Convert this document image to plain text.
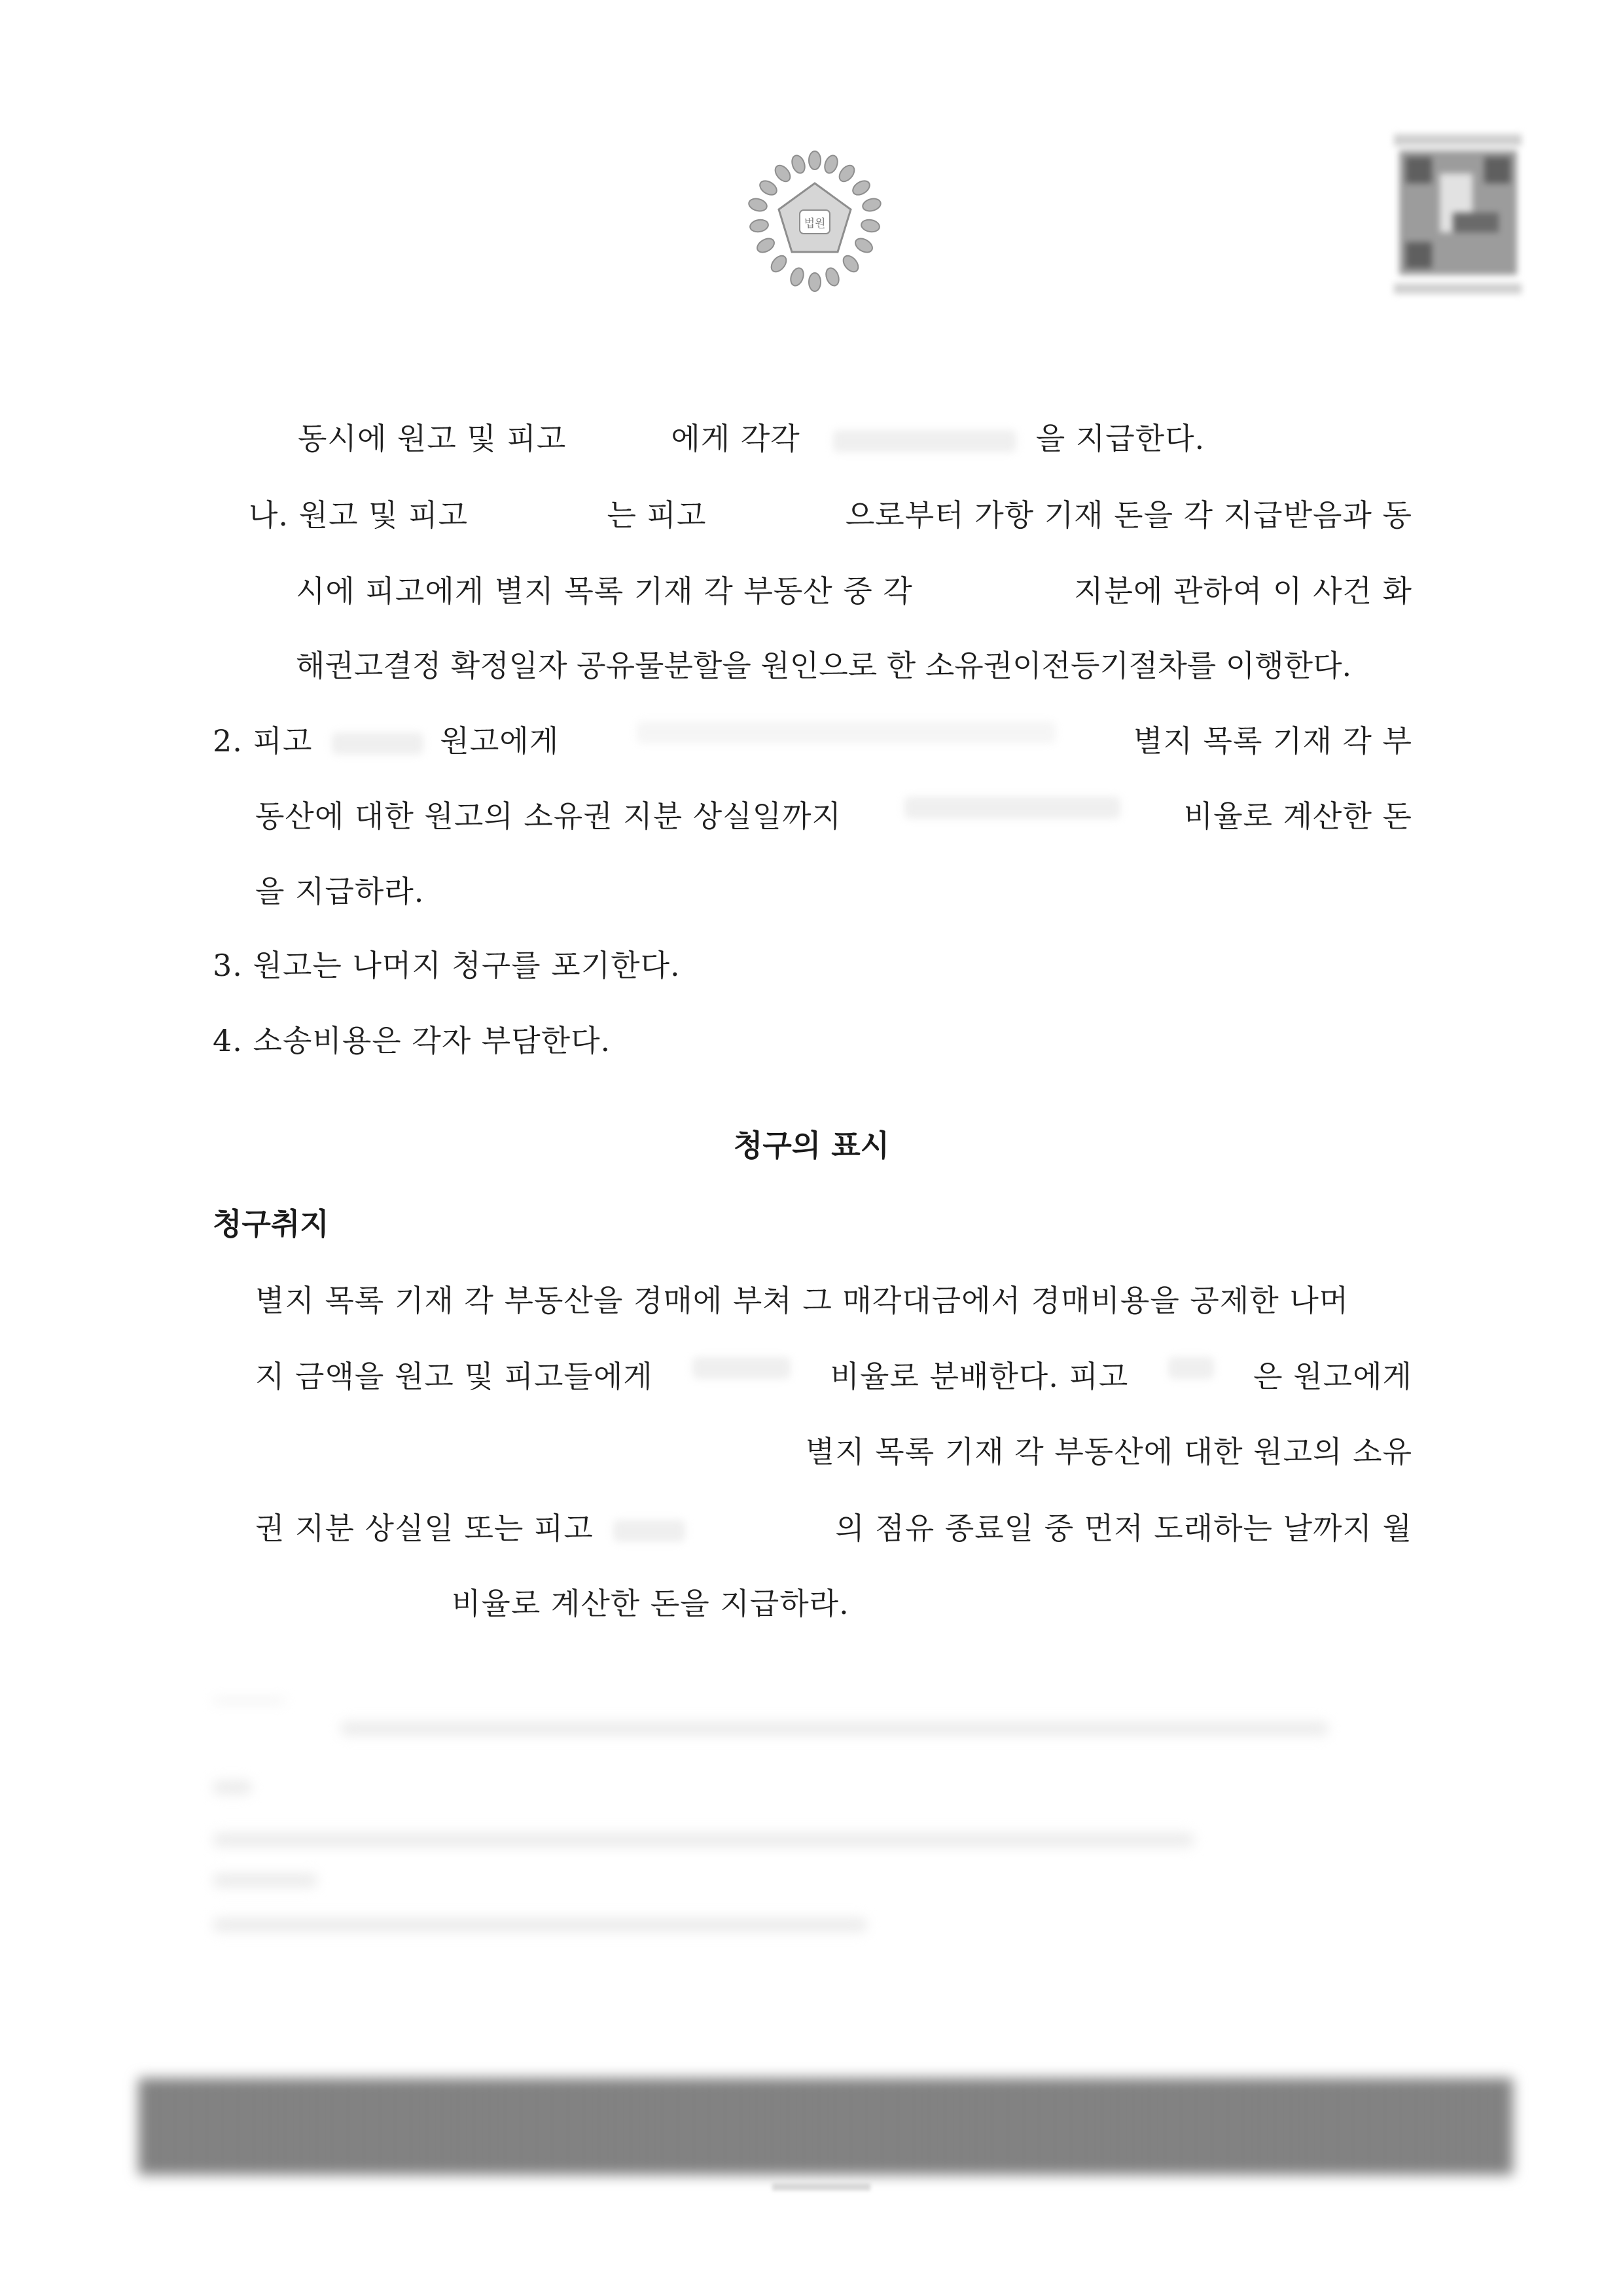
법원
동시에 원고 및 피고	에게 각각	을 지급한다.
나. 원고 및 피고	는 피고	으로부터 가항 기재 돈을 각 지급받음과 동
시에 피고에게 별지 목록 기재 각 부동산 중 각	지분에 관하여 이 사건 화
해권고결정 확정일자 공유물분할을 원인으로 한 소유권이전등기절차를 이행한다.
2. 피고	원고에게	별지 목록 기재 각 부
동산에 대한 원고의 소유권 지분 상실일까지	비율로 계산한 돈
을 지급하라.
3. 원고는 나머지 청구를 포기한다.
4. 소송비용은 각자 부담한다.
청구의 표시
청구취지
별지 목록 기재 각 부동산을 경매에 부쳐 그 매각대금에서 경매비용을 공제한 나머
지 금액을 원고 및 피고들에게	비율로 분배한다. 피고	은 원고에게
별지 목록 기재 각 부동산에 대한 원고의 소유
권 지분 상실일 또는 피고	의 점유 종료일 중 먼저 도래하는 날까지 월
비율로 계산한 돈을 지급하라.
